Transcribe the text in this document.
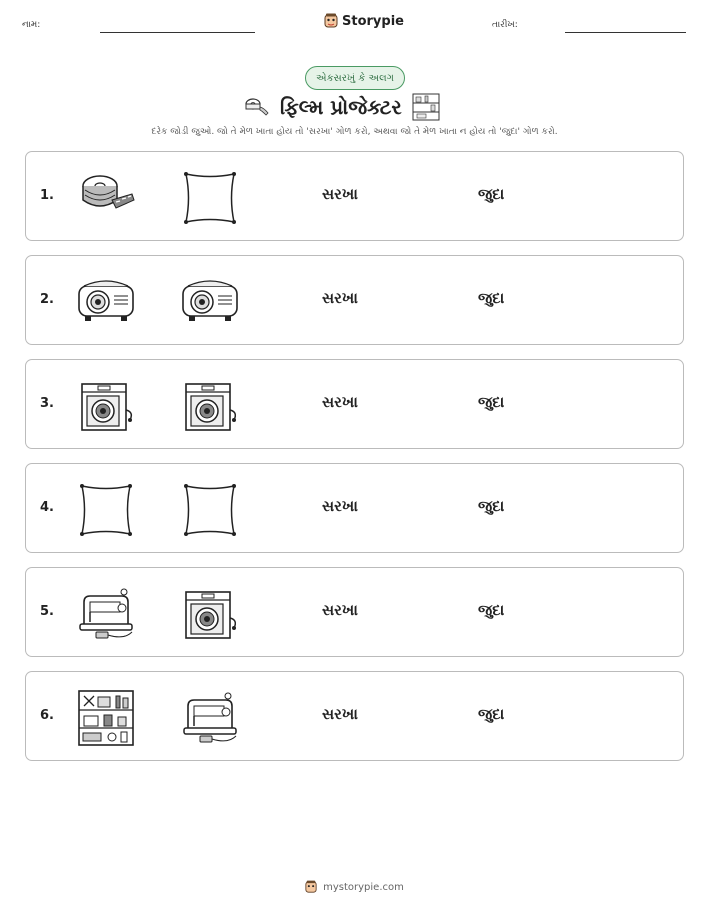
નામ:	Storypie	તારીખ:
એકસરખું કે અલગ
ફિલ્મ પ્રોજેક્ટર
દરેક જોડી જુઓ. જો તે મેળ ખાતા હોય તો 'સરખા' ગોળ કરો, અથવા જો તે મેળ ખાતા ન હોય તો 'જુદા' ગોળ કરો.
1.	સરખા	જુદા
2.	સરખા	જુદા
3.	સરખા	જુદા
4.	સરખા	જુદા
5.	સરખા	જુદા
6.	સરખા	જુદા
mystorypie.com
